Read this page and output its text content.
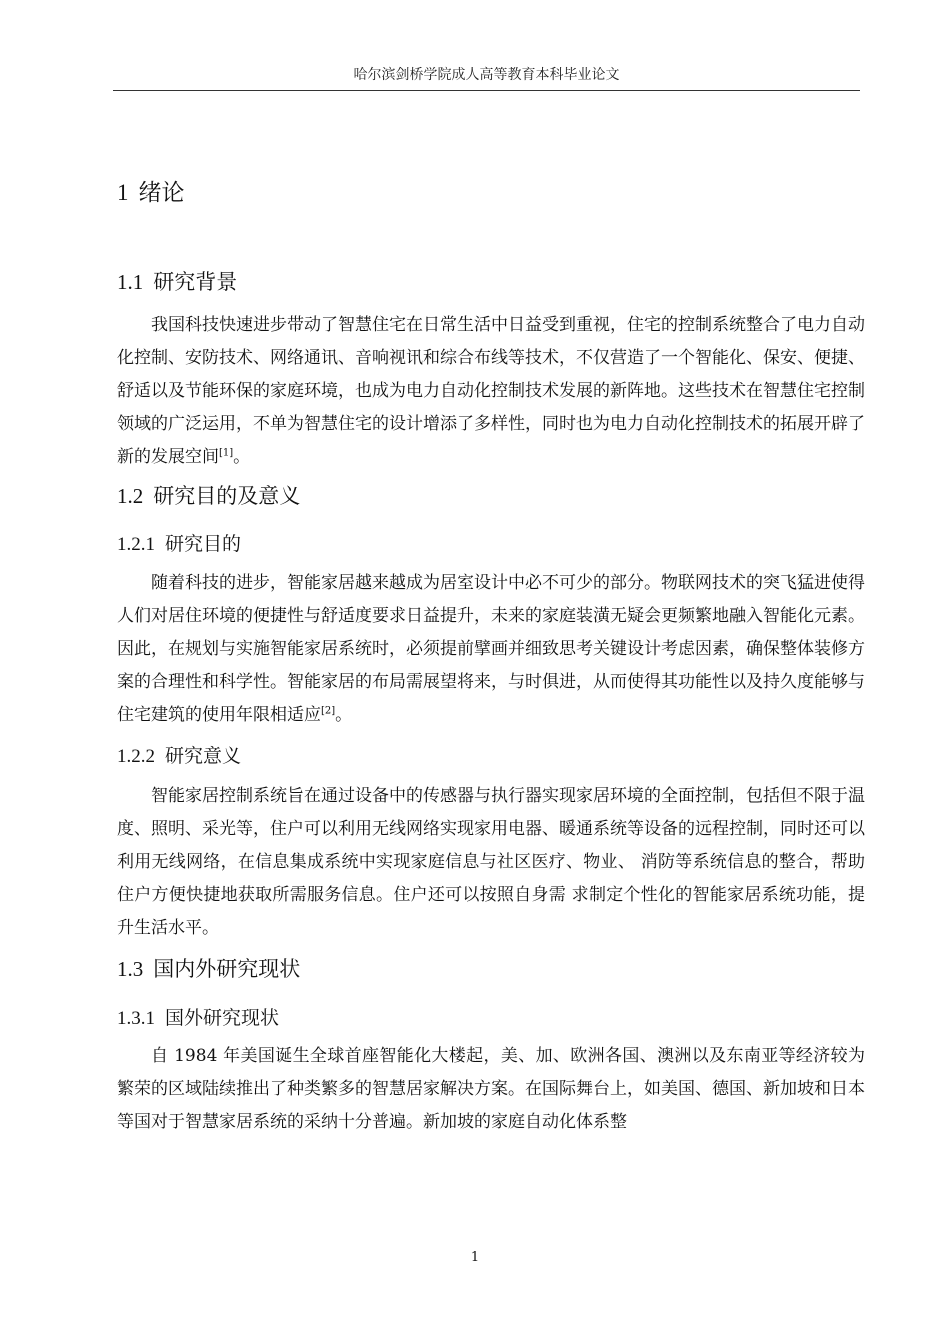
哈尔滨剑桥学院成人高等教育本科毕业论文
1 绪论
1.1 研究背景

我国科技快速进步带动了智慧住宅在日常生活中日益受到重视，住宅的控制系统整合了电力自动化控制、安防技术、网络通讯、音响视讯和综合布线等技术，不仅营造了一个智能化、保安、便捷、舒适以及节能环保的家庭环境，也成为电力自动化控制技术发展的新阵地。这些技术在智慧住宅控制领域的广泛运用，不单为智慧住宅的设计增添了多样性，同时也为电力自动化控制技术的拓展开辟了新的发展空间[1]。

1.2 研究目的及意义
1.2.1 研究目的

随着科技的进步，智能家居越来越成为居室设计中必不可少的部分。物联网技术的突飞猛进使得人们对居住环境的便捷性与舒适度要求日益提升，未来的家庭装潢无疑会更频繁地融入智能化元素。因此，在规划与实施智能家居系统时，必须提前擘画并细致思考关键设计考虑因素，确保整体装修方案的合理性和科学性。智能家居的布局需展望将来，与时俱进，从而使得其功能性以及持久度能够与住宅建筑的使用年限相适应[2]。

1.2.2 研究意义

智能家居控制系统旨在通过设备中的传感器与执行器实现家居环境的全面控制，包括但不限于温度、照明、采光等，住户可以利用无线网络实现家用电器、暖通系统等设备的远程控制，同时还可以利用无线网络，在信息集成系统中实现家庭信息与社区医疗、物业、 消防等系统信息的整合，帮助住户方便快捷地获取所需服务信息。住户还可以按照自身需 求制定个性化的智能家居系统功能，提升生活水平。

1.3 国内外研究现状
1.3.1 国外研究现状

自 1984 年美国诞生全球首座智能化大楼起，美、加、欧洲各国、澳洲以及东南亚等经济较为繁荣的区域陆续推出了种类繁多的智慧居家解决方案。在国际舞台上，如美国、德国、新加坡和日本等国对于智慧家居系统的采纳十分普遍。新加坡的家庭自动化体系整

1
